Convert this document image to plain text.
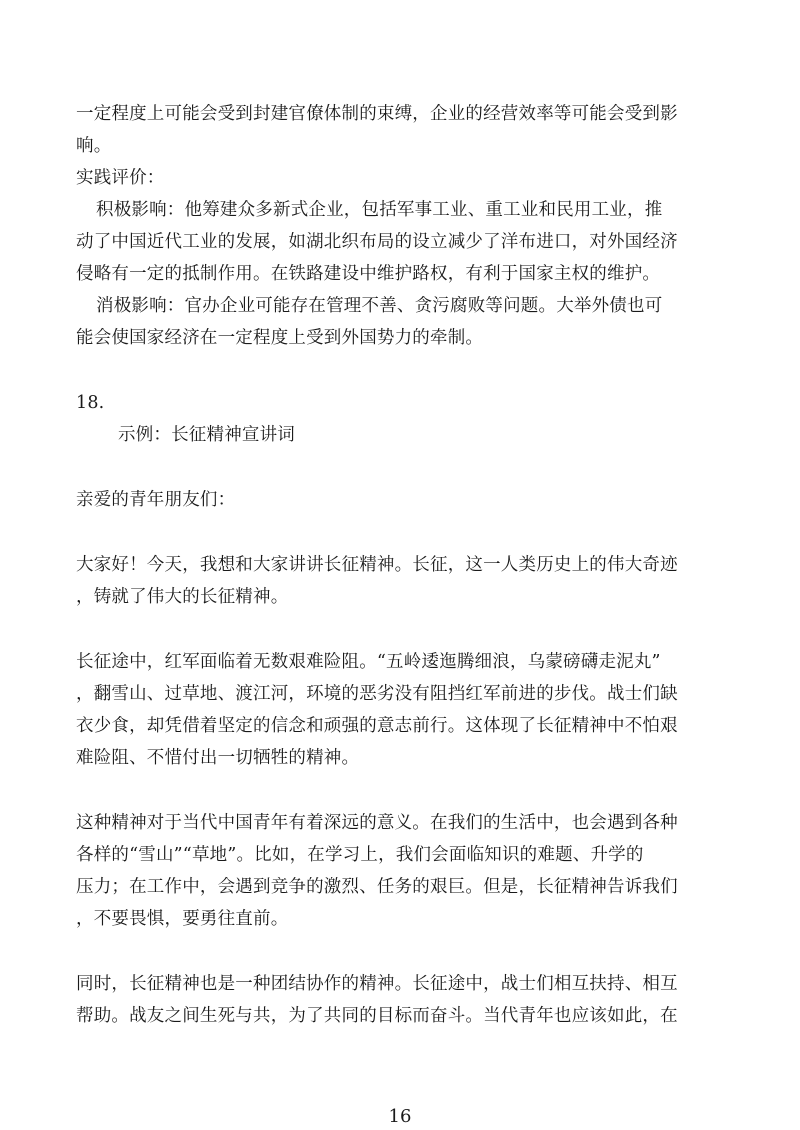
一定程度上可能会受到封建官僚体制的束缚，企业的经营效率等可能会受到影
响。
实践评价：
积极影响：他筹建众多新式企业，包括军事工业、重工业和民用工业，推
动了中国近代工业的发展，如湖北织布局的设立减少了洋布进口，对外国经济
侵略有一定的抵制作用。在铁路建设中维护路权，有利于国家主权的维护。
消极影响：官办企业可能存在管理不善、贪污腐败等问题。大举外债也可
能会使国家经济在一定程度上受到外国势力的牵制。
18.
示例：长征精神宣讲词
亲爱的青年朋友们：
大家好！今天，我想和大家讲讲长征精神。长征，这一人类历史上的伟大奇迹
，铸就了伟大的长征精神。
长征途中，红军面临着无数艰难险阻。“五岭逶迤腾细浪，乌蒙磅礴走泥丸”
，翻雪山、过草地、渡江河，环境的恶劣没有阻挡红军前进的步伐。战士们缺
衣少食，却凭借着坚定的信念和顽强的意志前行。这体现了长征精神中不怕艰
难险阻、不惜付出一切牺牲的精神。
这种精神对于当代中国青年有着深远的意义。在我们的生活中，也会遇到各种
各样的“雪山”“草地”。比如，在学习上，我们会面临知识的难题、升学的
压力；在工作中，会遇到竞争的激烈、任务的艰巨。但是，长征精神告诉我们
，不要畏惧，要勇往直前。
同时，长征精神也是一种团结协作的精神。长征途中，战士们相互扶持、相互
帮助。战友之间生死与共，为了共同的目标而奋斗。当代青年也应该如此，在
16
